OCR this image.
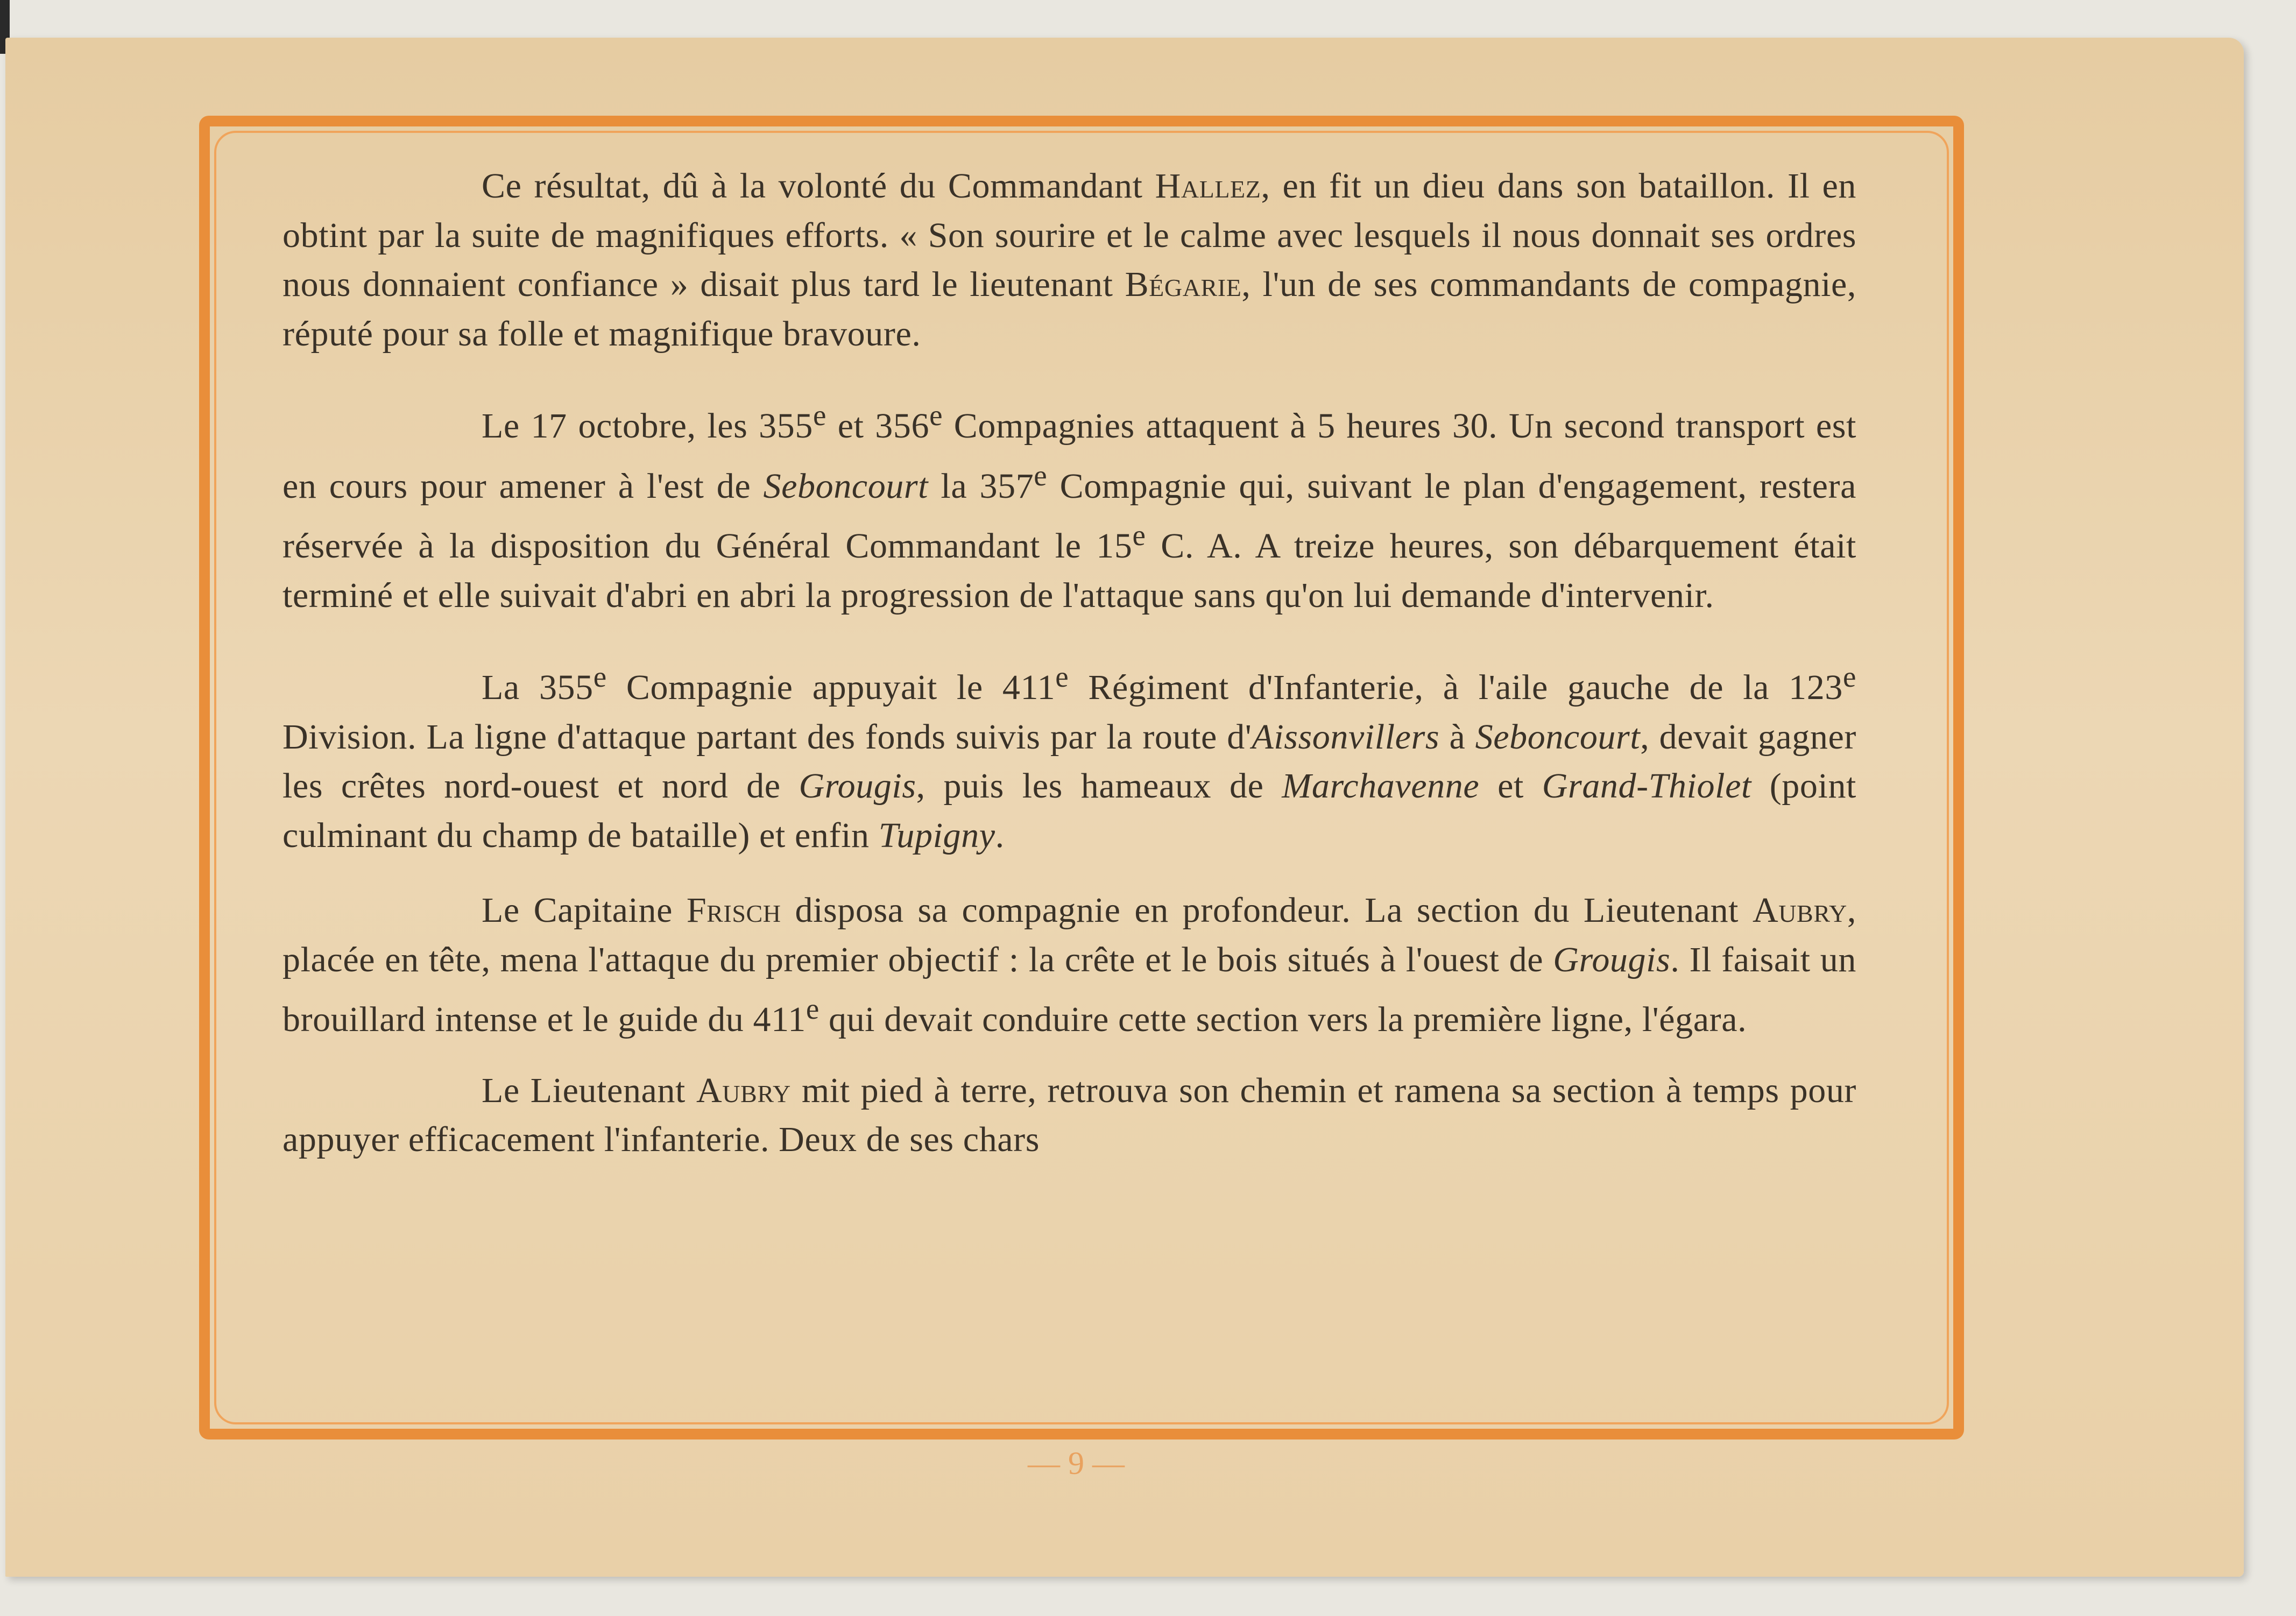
Ce résultat, dû à la volonté du Commandant Hallez, en fit un dieu dans son bataillon. Il en obtint par la suite de magnifiques efforts. « Son sourire et le calme avec lesquels il nous donnait ses ordres nous donnaient confiance » disait plus tard le lieutenant Bégarie, l'un de ses commandants de compagnie, réputé pour sa folle et magnifique bravoure.

Le 17 octobre, les 355e et 356e Compagnies attaquent à 5 heures 30. Un second transport est en cours pour amener à l'est de Seboncourt la 357e Compagnie qui, suivant le plan d'engagement, restera réservée à la disposition du Général Commandant le 15e C. A. A treize heures, son débarquement était terminé et elle suivait d'abri en abri la progression de l'attaque sans qu'on lui demande d'intervenir.

La 355e Compagnie appuyait le 411e Régiment d'Infanterie, à l'aile gauche de la 123e Division. La ligne d'attaque partant des fonds suivis par la route d'Aissonvillers à Seboncourt, devait gagner les crêtes nord-ouest et nord de Grougis, puis les hameaux de Marchavenne et Grand-Thiolet (point culminant du champ de bataille) et enfin Tupigny.

Le Capitaine Frisch disposa sa compagnie en profondeur. La section du Lieutenant Aubry, placée en tête, mena l'attaque du premier objectif : la crête et le bois situés à l'ouest de Grougis. Il faisait un brouillard intense et le guide du 411e qui devait conduire cette section vers la première ligne, l'égara.

Le Lieutenant Aubry mit pied à terre, retrouva son chemin et ramena sa section à temps pour appuyer efficacement l'infanterie. Deux de ses chars

— 9 —
